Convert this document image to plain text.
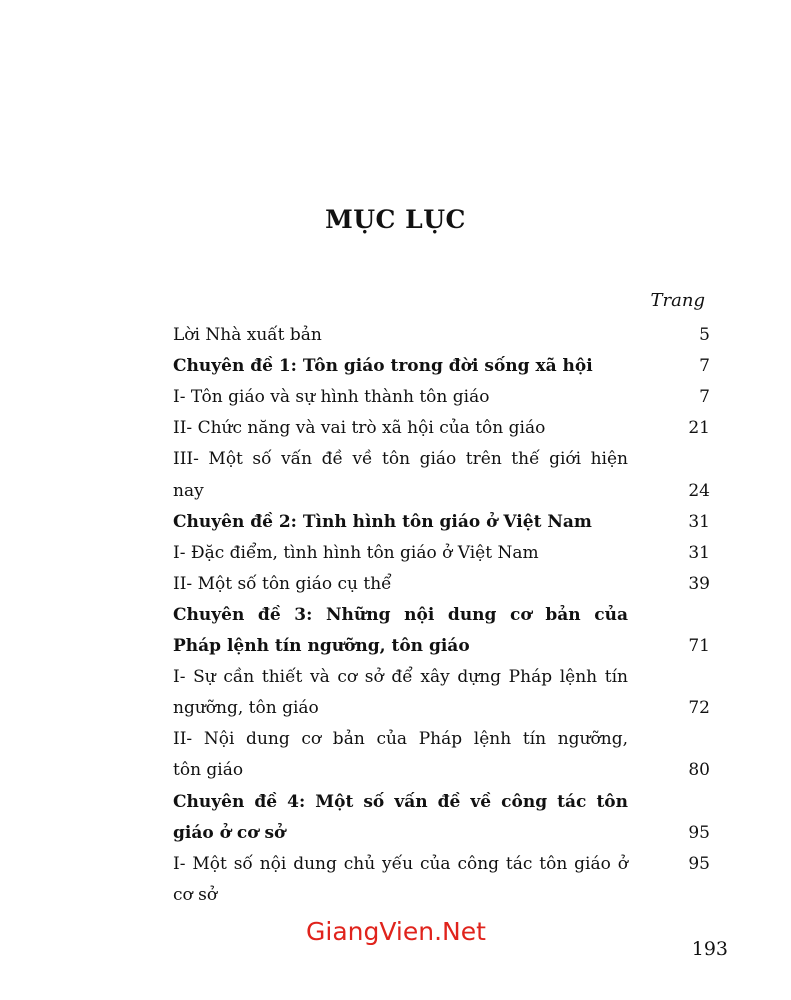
MỤC LỤC
Trang
Lời Nhà xuất bản	5
Chuyên đề 1: Tôn giáo trong đời sống xã hội	7
I- Tôn giáo và sự hình thành tôn giáo	7
II- Chức năng và vai trò xã hội của tôn giáo	21
III- Một số vấn đề về tôn giáo trên thế giới hiện
nay	24
Chuyên đề 2: Tình hình tôn giáo ở Việt Nam	31
I- Đặc điểm, tình hình tôn giáo ở Việt Nam	31
II- Một số tôn giáo cụ thể	39
Chuyên đề 3: Những nội dung cơ bản của
Pháp lệnh tín ngưỡng, tôn giáo	71
I- Sự cần thiết và cơ sở để xây dựng Pháp lệnh tín
ngưỡng, tôn giáo	72
II- Nội dung cơ bản của Pháp lệnh tín ngưỡng,
tôn giáo	80
Chuyên đề 4: Một số vấn đề về công tác tôn
giáo ở cơ sở	95
I- Một số nội dung chủ yếu của công tác tôn giáo ở	95
cơ sở
GiangVien.Net
193
